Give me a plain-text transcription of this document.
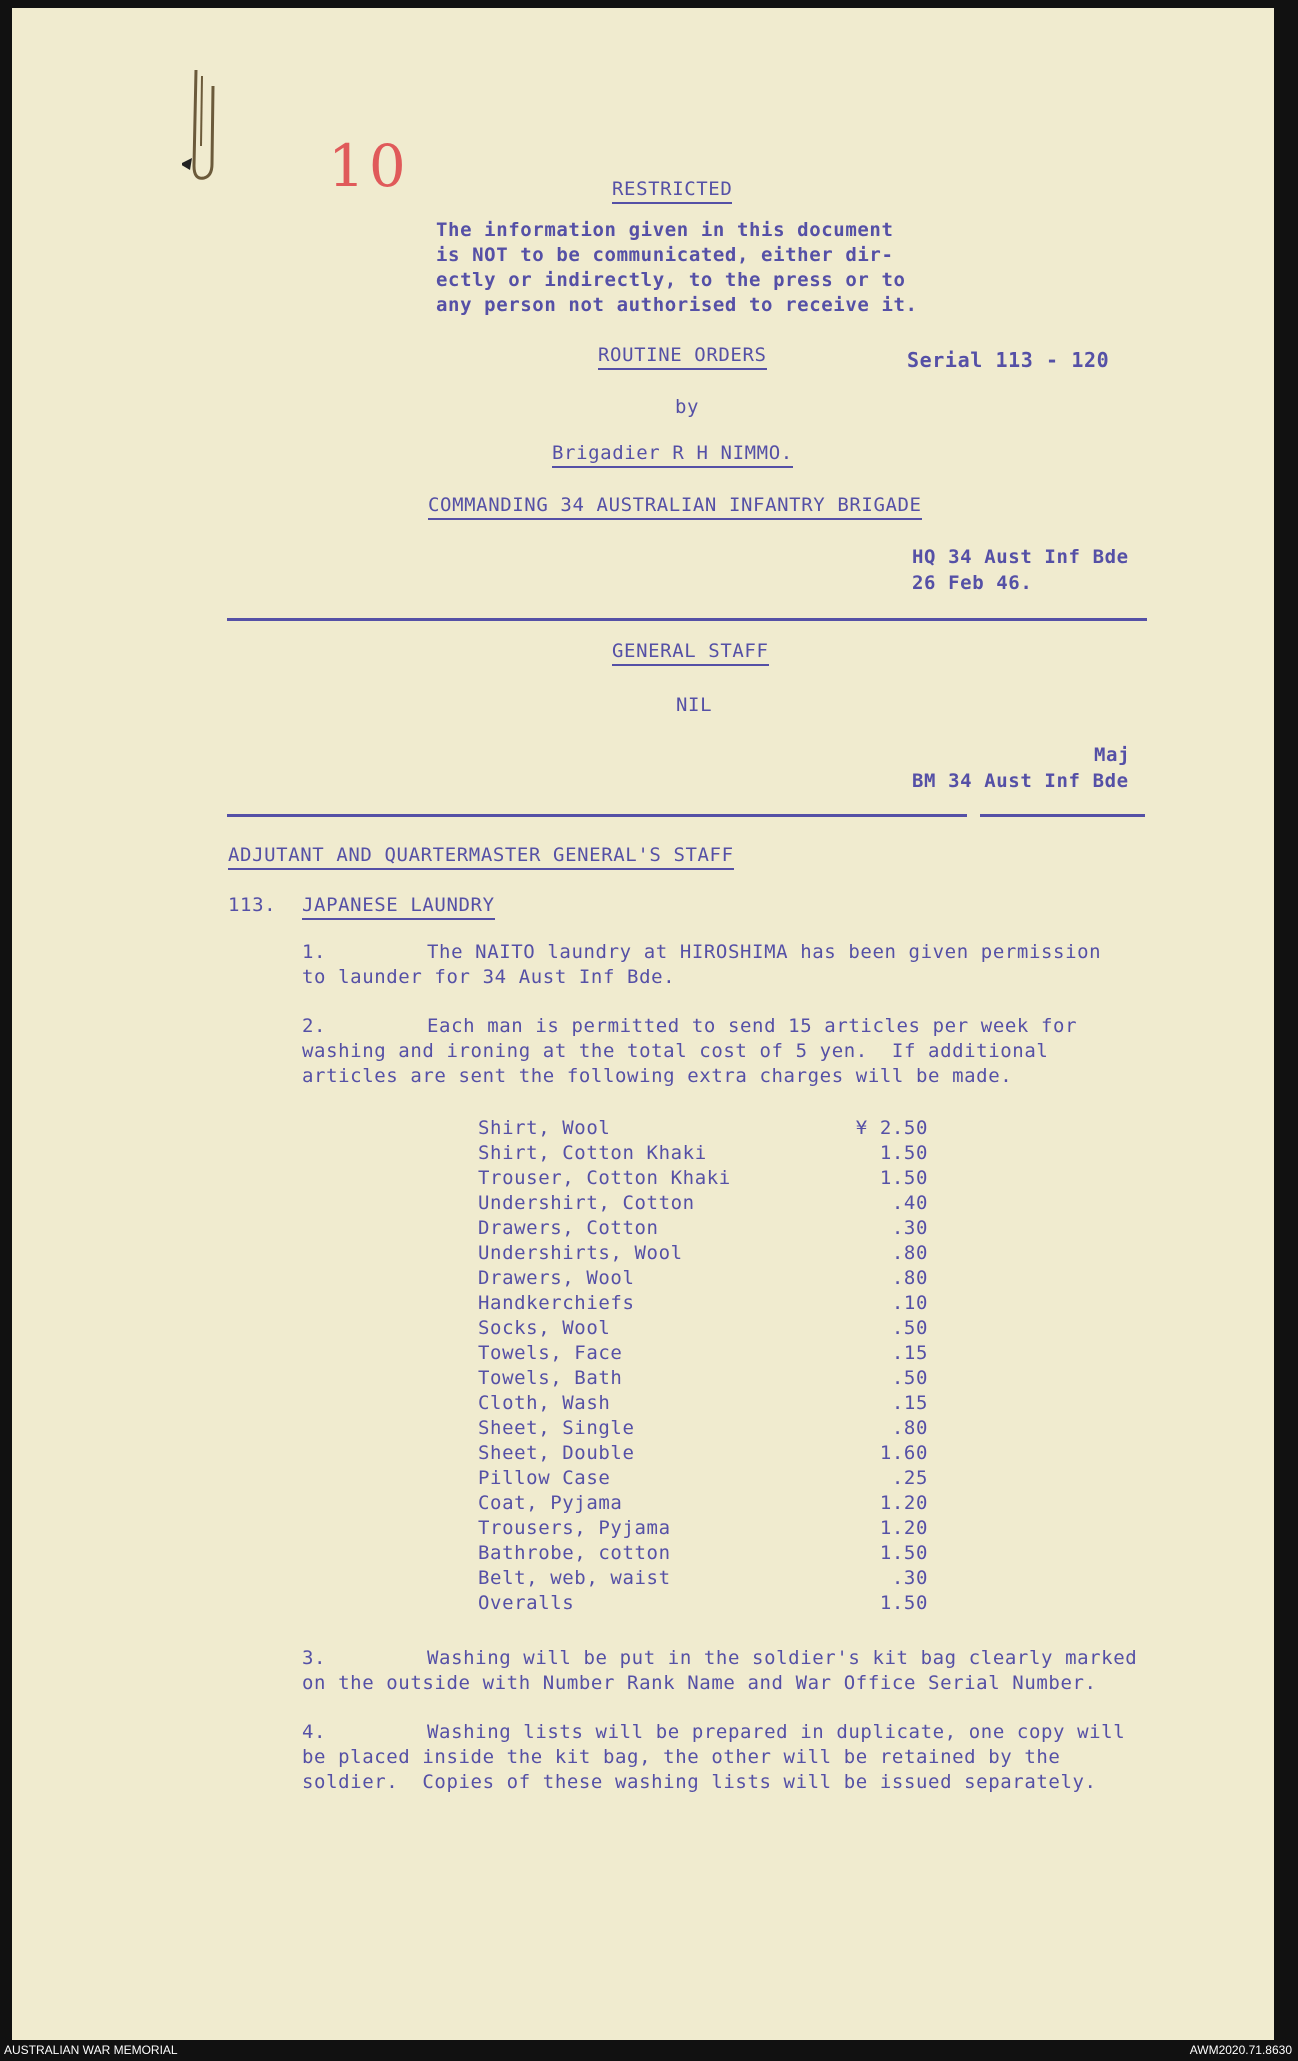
10	RESTRICTED
The information given in this document
is NOT to be communicated, either dir-
ectly or indirectly, to the press or to
any person not authorised to receive it.
ROUTINE ORDERS	Serial 113 - 120
by
Brigadier R H NIMMO.
COMMANDING 34 AUSTRALIAN INFANTRY BRIGADE
HQ 34 Aust Inf Bde
26 Feb 46.
GENERAL STAFF
NIL
Maj
BM 34 Aust Inf Bde
ADJUTANT AND QUARTERMASTER GENERAL'S STAFF
113. JAPANESE LAUNDRY
1.	The NAITO laundry at HIROSHIMA has been given permission
to launder for 34 Aust Inf Bde.
2.	Each man is permitted to send 15 articles per week for
washing and ironing at the total cost of 5 yen.  If additional
articles are sent the following extra charges will be made.
Shirt, Wool	¥ 2.50
Shirt, Cotton Khaki	1.50
Trouser, Cotton Khaki	1.50
Undershirt, Cotton	.40
Drawers, Cotton	.30
Undershirts, Wool	.80
Drawers, Wool	.80
Handkerchiefs	.10
Socks, Wool	.50
Towels, Face	.15
Towels, Bath	.50
Cloth, Wash	.15
Sheet, Single	.80
Sheet, Double	1.60
Pillow Case	.25
Coat, Pyjama	1.20
Trousers, Pyjama	1.20
Bathrobe, cotton	1.50
Belt, web, waist	.30
Overalls	1.50
3.	Washing will be put in the soldier's kit bag clearly marked
on the outside with Number Rank Name and War Office Serial Number.
4.	Washing lists will be prepared in duplicate, one copy will
be placed inside the kit bag, the other will be retained by the
soldier.  Copies of these washing lists will be issued separately.
AUSTRALIAN WAR MEMORIAL	AWM2020.71.8630
